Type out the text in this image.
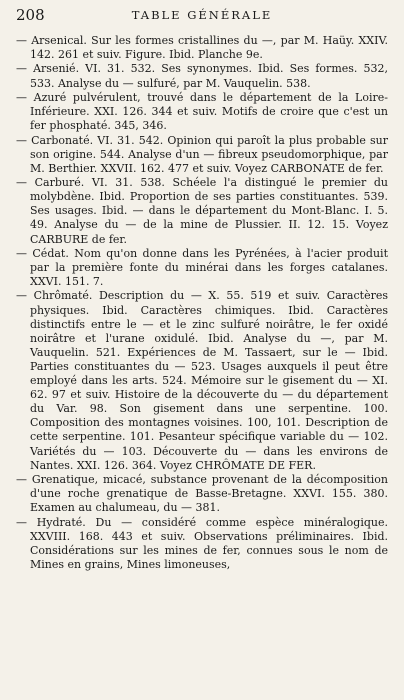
208	TABLE GÉNÉRALE

— Arsenical. Sur les formes cristallines du —, par M. Haüy. XXIV. 142. 261 et suiv. Figure. Ibid. Planche 9e.

— Arsenié. VI. 31. 532. Ses synonymes. Ibid. Ses formes. 532, 533. Analyse du — sulfuré, par M. Vauquelin. 538.

— Azuré pulvérulent, trouvé dans le département de la Loire-Inférieure. XXI. 126. 344 et suiv. Motifs de croire que c'est un fer phosphaté. 345, 346.

— Carbonaté. VI. 31. 542. Opinion qui paroît la plus probable sur son origine. 544. Analyse d'un — fibreux pseudomorphique, par M. Berthier. XXVII. 162. 477 et suiv. Voyez CARBONATE de fer.

— Carburé. VI. 31. 538. Schéele l'a distingué le premier du molybdène. Ibid. Proportion de ses parties constituantes. 539. Ses usages. Ibid. — dans le département du Mont-Blanc. I. 5. 49. Analyse du — de la mine de Plussier. II. 12. 15. Voyez CARBURE de fer.

— Cédat. Nom qu'on donne dans les Pyrénées, à l'acier produit par la première fonte du minérai dans les forges catalanes. XXVI. 151. 7.

— Chrômaté. Description du — X. 55. 519 et suiv. Caractères physiques. Ibid. Caractères chimiques. Ibid. Caractères distinctifs entre le — et le zinc sulfuré noirâtre, le fer oxidé noirâtre et l'urane oxidulé. Ibid. Analyse du —, par M. Vauquelin. 521. Expériences de M. Tassaert, sur le — Ibid. Parties constituantes du — 523. Usages auxquels il peut être employé dans les arts. 524. Mémoire sur le gisement du — XI. 62. 97 et suiv. Histoire de la découverte du — du département du Var. 98. Son gisement dans une serpentine. 100. Composition des montagnes voisines. 100, 101. Description de cette serpentine. 101. Pesanteur spécifique variable du — 102. Variétés du — 103. Découverte du — dans les environs de Nantes. XXI. 126. 364. Voyez CHRÔMATE DE FER.

— Grenatique, micacé, substance provenant de la décomposition d'une roche grenatique de Basse-Bretagne. XXVI. 155. 380. Examen au chalumeau, du — 381.

— Hydraté. Du — considéré comme espèce minéralogique. XXVIII. 168. 443 et suiv. Observations préliminaires. Ibid. Considérations sur les mines de fer, connues sous le nom de Mines en grains, Mines limoneuses,
